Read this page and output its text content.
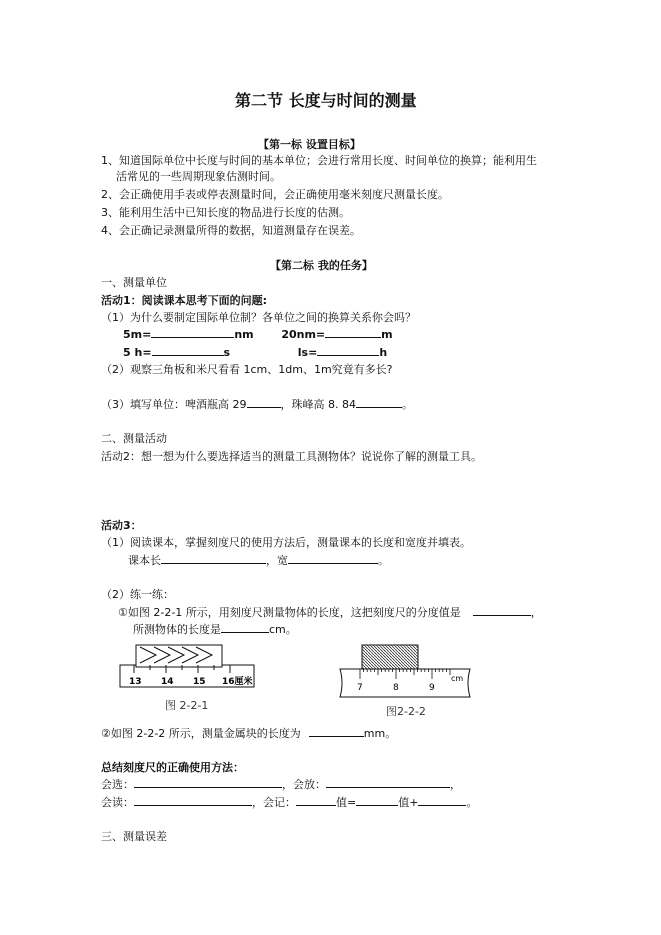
第二节 长度与时间的测量
【第一标 设置目标】
1、知道国际单位中长度与时间的基本单位；会进行常用长度、时间单位的换算；能利用生
活常见的一些周期现象估测时间。
2、会正确使用手表或停表测量时间，会正确使用毫米刻度尺测量长度。
3、能利用生活中已知长度的物品进行长度的估测。
4、会正确记录测量所得的数据，知道测量存在误差。
【第二标 我的任务】
一、测量单位
活动1：阅读课本思考下面的问题:
（1）为什么要制定国际单位制？各单位之间的换算关系你会吗？
5m=	nm	20nm=	m
5 h=	s	ls=	h
（2）观察三角板和米尺看看 1cm、1dm、1m究竟有多长?
（3）填写单位：啤酒瓶高 29	，珠峰高 8. 84	。
二、测量活动
活动2：想一想为什么要选择适当的测量工具测物体？说说你了解的测量工具。
活动3：
（1）阅读课本，掌握刻度尺的使用方法后，测量课本的长度和宽度并填表。
课本长	，宽	。
（2）练一练：
①如图 2-2-1 所示，用刻度尺测量物体的长度，这把刻度尺的分度值是	，
所测物体的长度是	cm。
13 14 15 16厘米
图 2-2-1
7	8	9
cm
图2-2-2
②如图 2-2-2 所示，测量金属块的长度为	mm。
总结刻度尺的正确使用方法：
会选：	，会放：	，
会读：	，会记：	值=	值+	。
三、测量误差
